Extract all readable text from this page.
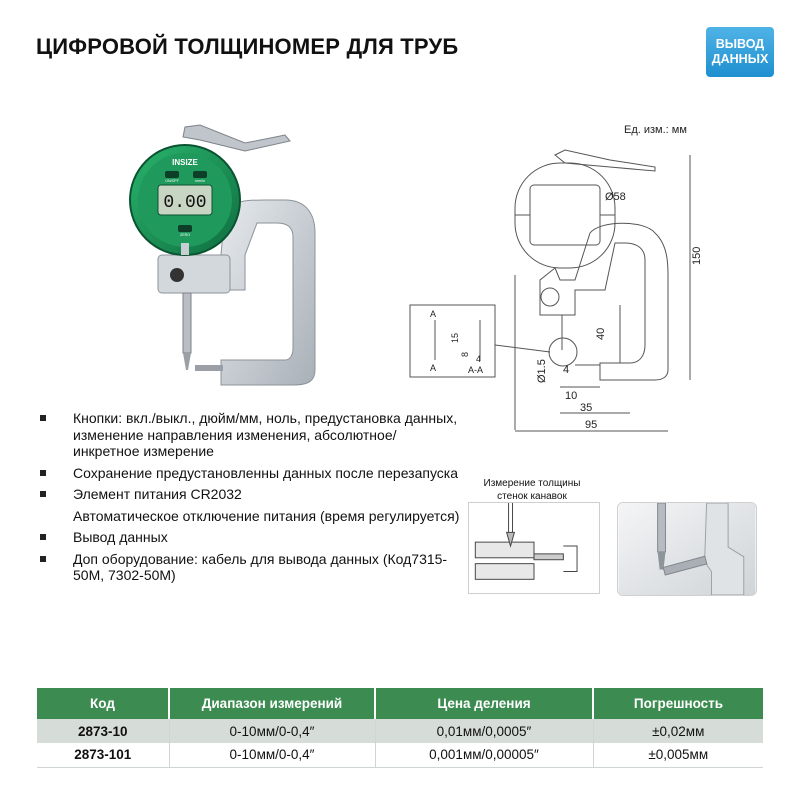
ЦИФРОВОЙ ТОЛЩИНОМЕР ДЛЯ ТРУБ	ВЫВОД
ДАННЫХ
INSIZE
0.00
ON/OFF	mm/in
ZERO
Ед. изм.: мм
Ø58
150
40
Ø1.5 4
10
35
95
15
8 4
A
A	A-A
Кнопки: вкл./выкл., дюйм/мм, ноль, предустановка данных, изменение направления изменения, абсолютное/инкретное измерение
Сохранение предустановленны данных после перезапуска
Элемент питания CR2032
Автоматическое отключение питания (время регулируется)
Вывод данных
Доп оборудование: кабель для вывода данных (Код7315-50M, 7302-50M)
Измерение толщины
стенок канавок
Код	Диапазон измерений	Цена деления	Погрешность
2873-10	0-10мм/0-0,4″	0,01мм/0,0005″	±0,02мм
2873-101	0-10мм/0-0,4″	0,001мм/0,00005″	±0,005мм
